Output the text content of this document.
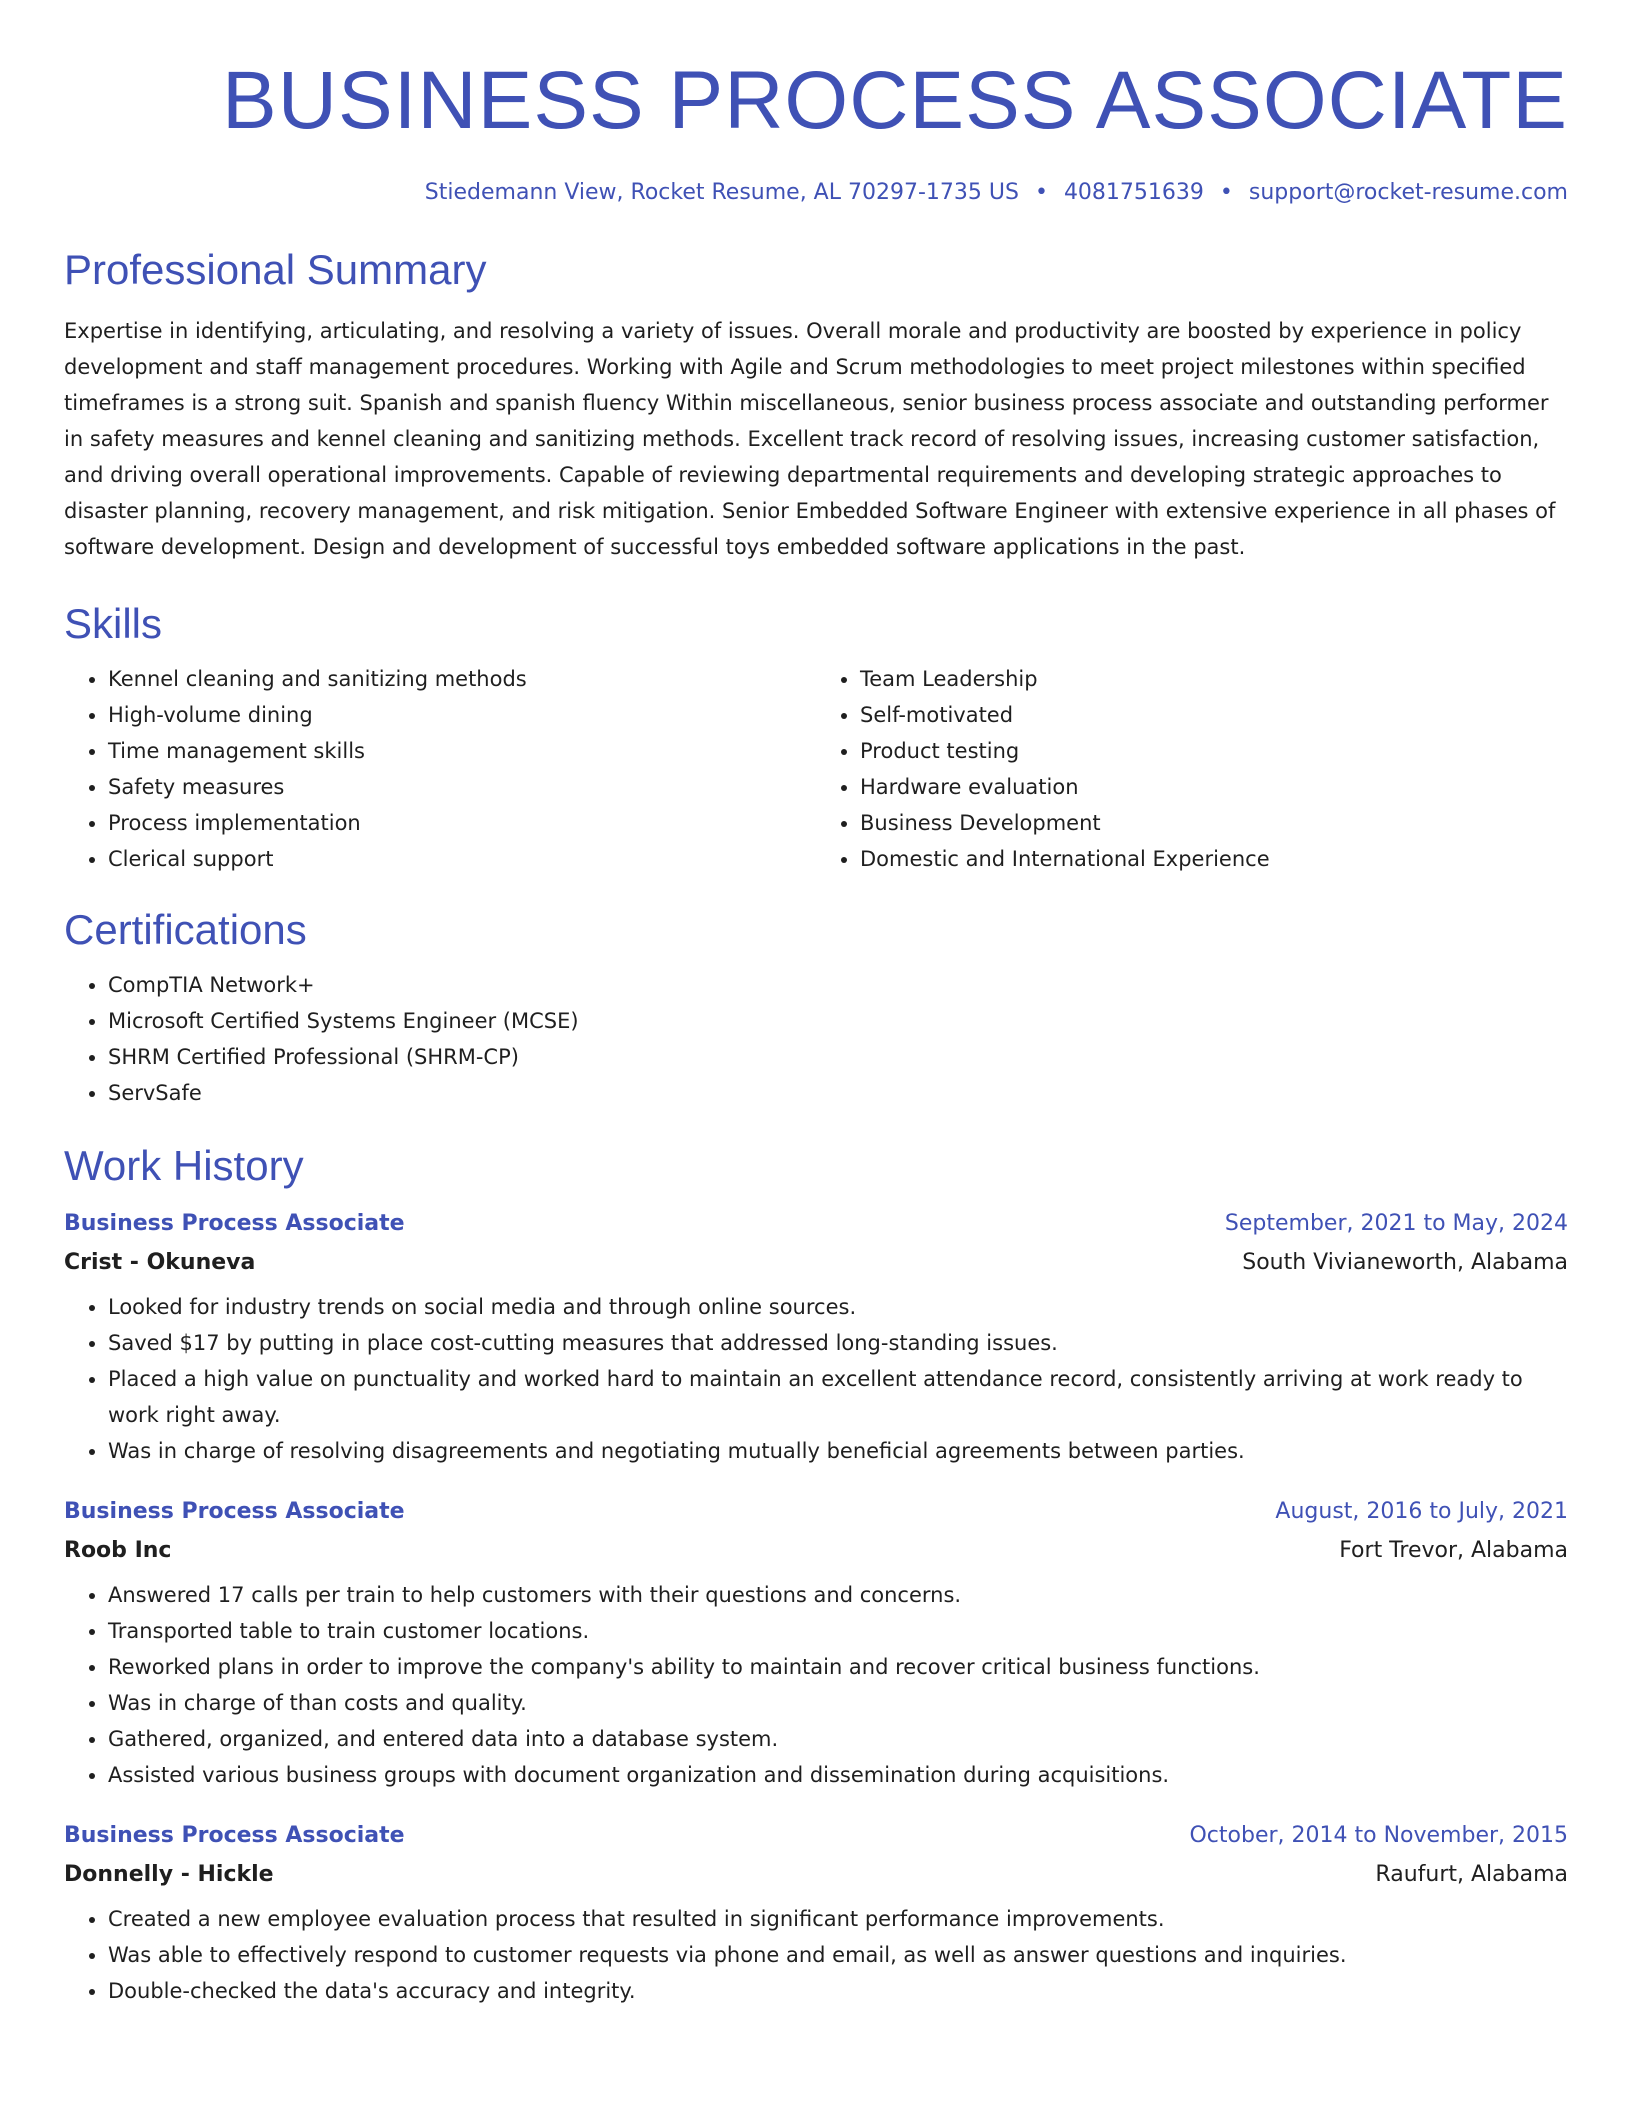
BUSINESS PROCESS ASSOCIATE
Stiedemann View, Rocket Resume, AL 70297-1735 US • 4081751639 • support@rocket-resume.com
Professional Summary

Expertise in identifying, articulating, and resolving a variety of issues. Overall morale and productivity are boosted by experience in policy development and staff management procedures. Working with Agile and Scrum methodologies to meet project milestones within specified timeframes is a strong suit. Spanish and spanish fluency Within miscellaneous, senior business process associate and outstanding performer in safety measures and kennel cleaning and sanitizing methods. Excellent track record of resolving issues, increasing customer satisfaction, and driving overall operational improvements. Capable of reviewing departmental requirements and developing strategic approaches to disaster planning, recovery management, and risk mitigation. Senior Embedded Software Engineer with extensive experience in all phases of software development. Design and development of successful toys embedded software applications in the past.

Skills
• Kennel cleaning and sanitizing methods
• High-volume dining
• Time management skills
• Safety measures
• Process implementation
• Clerical support
• Team Leadership
• Self-motivated
• Product testing
• Hardware evaluation
• Business Development
• Domestic and International Experience
Certifications
• CompTIA Network+
• Microsoft Certified Systems Engineer (MCSE)
• SHRM Certified Professional (SHRM-CP)
• ServSafe
Work History
Business Process Associate	September, 2021 to May, 2024
Crist - Okuneva	South Vivianeworth, Alabama
• Looked for industry trends on social media and through online sources.
• Saved $17 by putting in place cost-cutting measures that addressed long-standing issues.
• Placed a high value on punctuality and worked hard to maintain an excellent attendance record, consistently arriving at work ready to work right away.
• Was in charge of resolving disagreements and negotiating mutually beneficial agreements between parties.
Business Process Associate	August, 2016 to July, 2021
Roob Inc	Fort Trevor, Alabama
• Answered 17 calls per train to help customers with their questions and concerns.
• Transported table to train customer locations.
• Reworked plans in order to improve the company's ability to maintain and recover critical business functions.
• Was in charge of than costs and quality.
• Gathered, organized, and entered data into a database system.
• Assisted various business groups with document organization and dissemination during acquisitions.
Business Process Associate	October, 2014 to November, 2015
Donnelly - Hickle	Raufurt, Alabama
• Created a new employee evaluation process that resulted in significant performance improvements.
• Was able to effectively respond to customer requests via phone and email, as well as answer questions and inquiries.
• Double-checked the data's accuracy and integrity.
